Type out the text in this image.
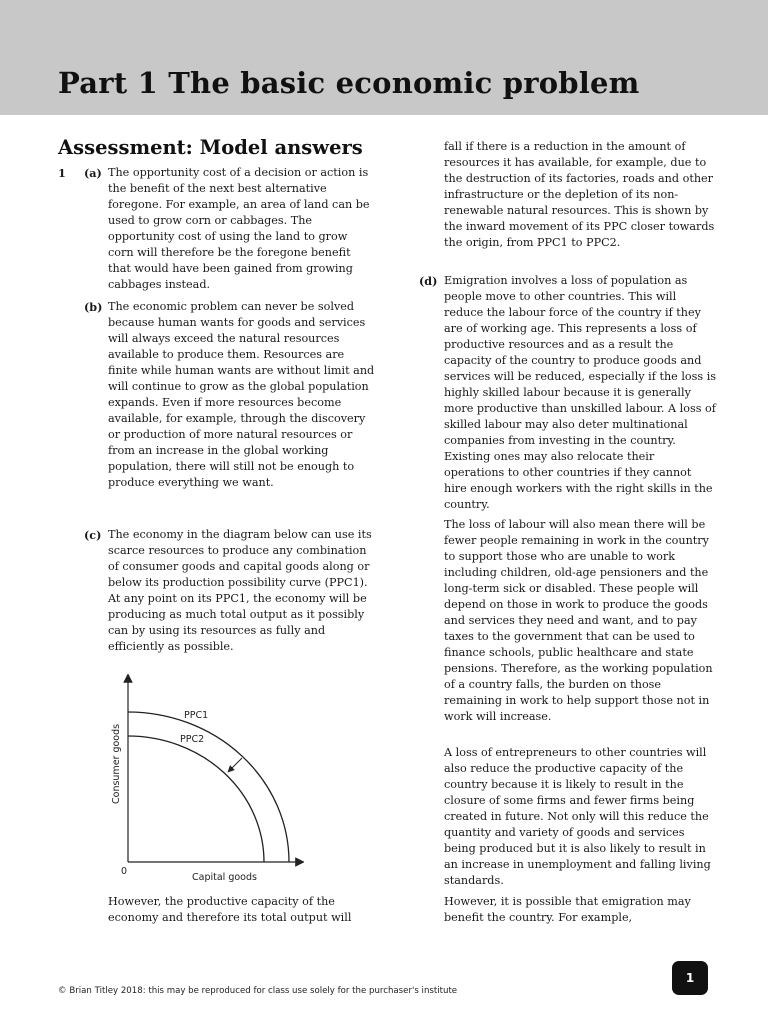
Part 1 The basic economic problem
Assessment: Model answers
1 (a) The opportunity cost of a decision or action is the benefit of the next best alternative foregone. For example, an area of land can be used to grow corn or cabbages. The opportunity cost of using the land to grow corn will therefore be the foregone benefit that would have been gained from growing cabbages instead.

(b) The economic problem can never be solved because human wants for goods and services will always exceed the natural resources available to produce them. Resources are finite while human wants are without limit and will continue to grow as the global population expands. Even if more resources become available, for example, through the discovery or production of more natural resources or from an increase in the global working population, there will still not be enough to produce everything we want.

(c) The economy in the diagram below can use its scarce resources to produce any combination of consumer goods and capital goods along or below its production possibility curve (PPC1). At any point on its PPC1, the economy will be producing as much total output as it possibly can by using its resources as fully and efficiently as possible.

PPC1
PPC2
0
Capital goods
Consumer goods

However, the productive capacity of the economy and therefore its total output will

fall if there is a reduction in the amount of resources it has available, for example, due to the destruction of its factories, roads and other infrastructure or the depletion of its non-renewable natural resources. This is shown by the inward movement of its PPC closer towards the origin, from PPC1 to PPC2.

(d) Emigration involves a loss of population as people move to other countries. This will reduce the labour force of the country if they are of working age. This represents a loss of productive resources and as a result the capacity of the country to produce goods and services will be reduced, especially if the loss is highly skilled labour because it is generally more productive than unskilled labour. A loss of skilled labour may also deter multinational companies from investing in the country. Existing ones may also relocate their operations to other countries if they cannot hire enough workers with the right skills in the country.

The loss of labour will also mean there will be fewer people remaining in work in the country to support those who are unable to work including children, old-age pensioners and the long-term sick or disabled. These people will depend on those in work to produce the goods and services they need and want, and to pay taxes to the government that can be used to finance schools, public healthcare and state pensions. Therefore, as the working population of a country falls, the burden on those remaining in work to help support those not in work will increase.

A loss of entrepreneurs to other countries will also reduce the productive capacity of the country because it is likely to result in the closure of some firms and fewer firms being created in future. Not only will this reduce the quantity and variety of goods and services being produced but it is also likely to result in an increase in unemployment and falling living standards.

However, it is possible that emigration may benefit the country. For example,

© Brian Titley 2018: this may be reproduced for class use solely for the purchaser's institute
1
